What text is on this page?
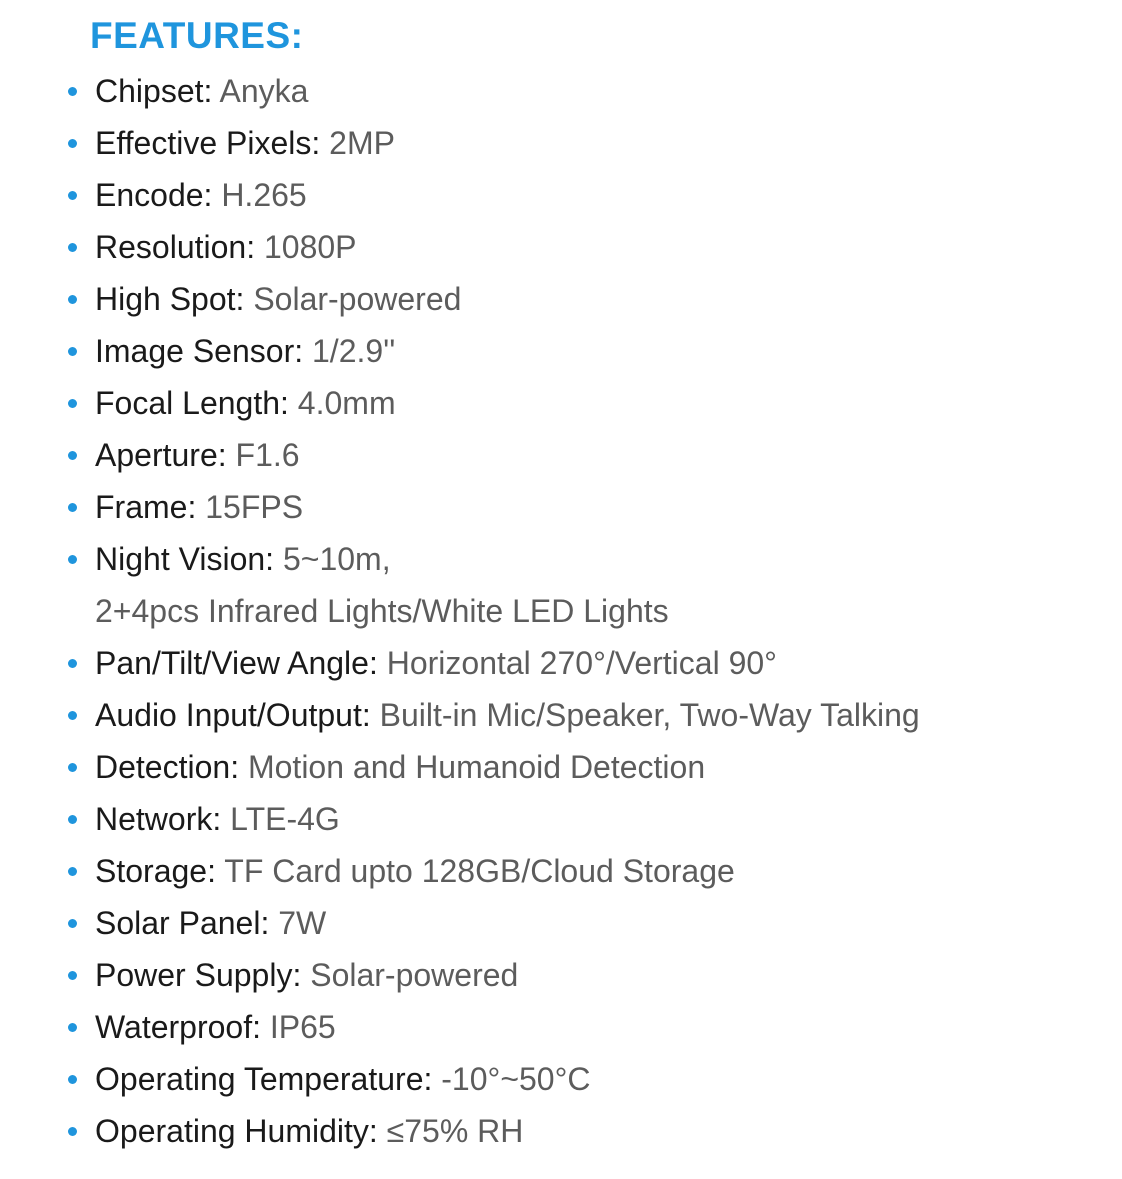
FEATURES:
Chipset: Anyka
Effective Pixels: 2MP
Encode: H.265
Resolution: 1080P
High Spot: Solar-powered
Image Sensor: 1/2.9''
Focal Length: 4.0mm
Aperture: F1.6
Frame: 15FPS
Night Vision: 5~10m,
2+4pcs Infrared Lights/White LED Lights
Pan/Tilt/View Angle: Horizontal 270°/Vertical 90°
Audio Input/Output: Built-in Mic/Speaker, Two-Way Talking
Detection: Motion and Humanoid Detection
Network: LTE-4G
Storage: TF Card upto 128GB/Cloud Storage
Solar Panel: 7W
Power Supply: Solar-powered
Waterproof: IP65
Operating Temperature: -10°~50°C
Operating Humidity: ≤75% RH
